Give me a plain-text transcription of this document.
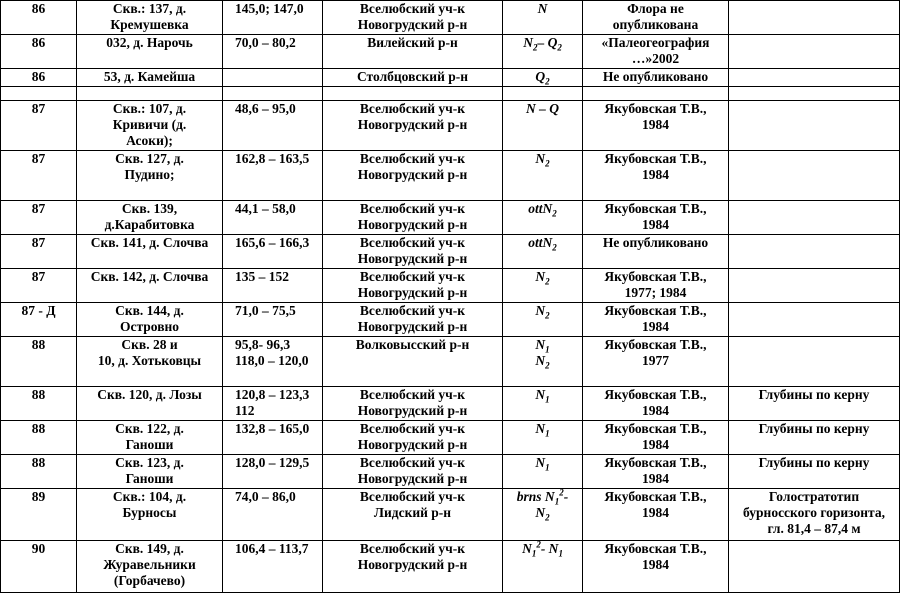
86	Скв.: 137, д.
Кремушевка	145,0; 147,0	Вселюбский уч-к
Новогрудский р-н	N	Флора не
опубликована	
86	032, д. Нарочь	70,0 – 80,2	Вилейский р-н	$N_2-$ $Q_2$	«Палеогеография
…»2002	
86	53, д. Камейша		Столбцовский р-н	$Q_2$	Не опубликовано	

87	Скв.: 107, д.
Кривичи (д.
Асоки);	48,6 – 95,0	Вселюбский уч-к
Новогрудский р-н	N – Q	Якубовская Т.В.,
1984	
87	Скв. 127, д.
Пудино;	162,8 – 163,5	Вселюбский уч-к
Новогрудский р-н	$N_2$	Якубовская Т.В.,
1984	
87	Скв. 139,
д.Карабитовка	44,1 – 58,0	Вселюбский уч-к
Новогрудский р-н	ottN$_2$	Якубовская Т.В.,
1984	
87	Скв. 141, д. Слочва	165,6 – 166,3	Вселюбский уч-к
Новогрудский р-н	ottN$_2$	Не опубликовано	
87	Скв. 142, д. Слочва	135 – 152	Вселюбский уч-к
Новогрудский р-н	$N_2$	Якубовская Т.В.,
1977; 1984	
87 - Д	Скв. 144, д.
Островно	71,0 – 75,5	Вселюбский уч-к
Новогрудский р-н	$N_2$	Якубовская Т.В.,
1984	
88	Скв. 28 и
10, д. Хотьковцы	95,8- 96,3
118,0 – 120,0	Волковысский р-н	$N_1$
$N_2$	Якубовская Т.В.,
1977	
88	Скв. 120, д. Лозы	120,8 – 123,3
112	Вселюбский уч-к
Новогрудский р-н	$N_1$	Якубовская Т.В.,
1984	Глубины по керну
88	Скв. 122, д.
Ганоши	132,8 – 165,0	Вселюбский уч-к
Новогрудский р-н	$N_1$	Якубовская Т.В.,
1984	Глубины по керну
88	Скв. 123, д.
Ганоши	128,0 – 129,5	Вселюбский уч-к
Новогрудский р-н	$N_1$	Якубовская Т.В.,
1984	Глубины по керну
89	Скв.: 104, д.
Бурносы	74,0 – 86,0	Вселюбский уч-к
Лидский р-н	brns $N_1^2-$
$N_2$	Якубовская Т.В.,
1984	Голостратотип
бурносского горизонта,
гл. 81,4 – 87,4 м
90	Скв. 149, д.
Журавельники
(Горбачево)	106,4 – 113,7	Вселюбский уч-к
Новогрудский р-н	$N_1^2-$ $N_1$	Якубовская Т.В.,
1984	
